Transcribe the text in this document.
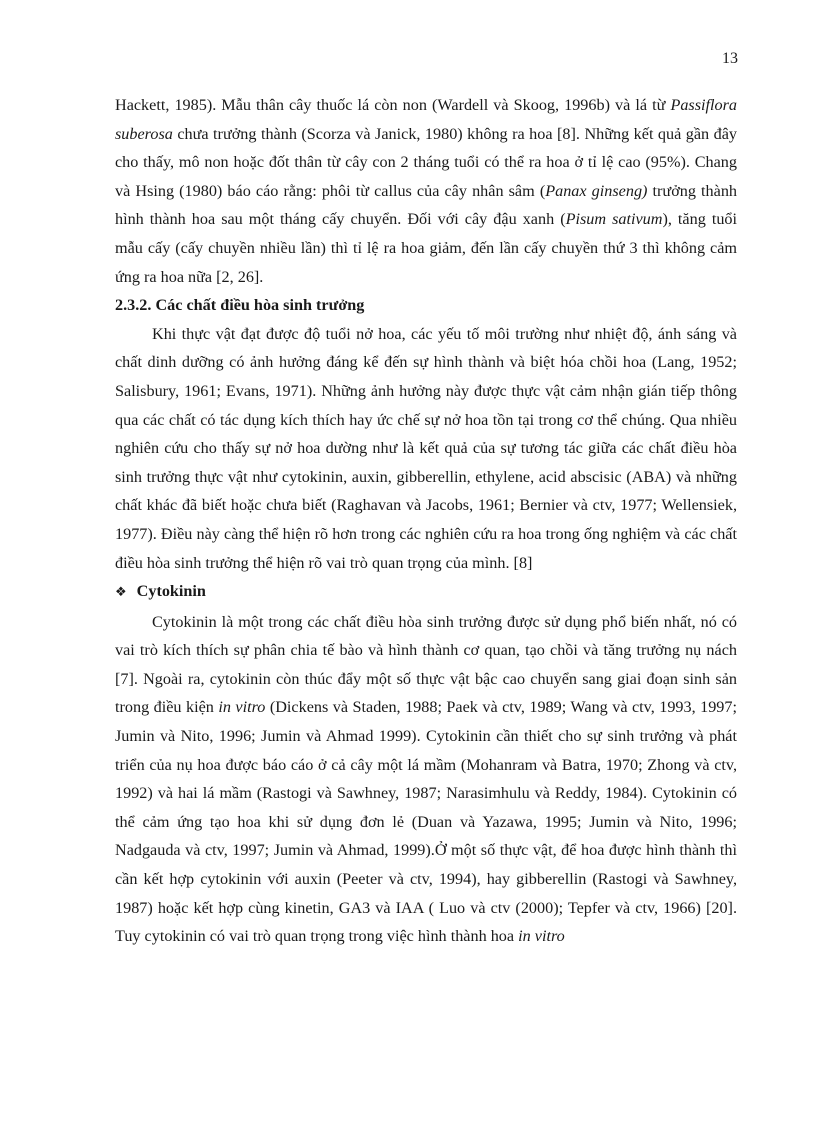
13

Hackett, 1985). Mẫu thân cây thuốc lá còn non (Wardell và Skoog, 1996b) và lá từ Passiflora suberosa chưa trưởng thành (Scorza và Janick, 1980) không ra hoa [8]. Những kết quả gần đây cho thấy, mô non hoặc đốt thân từ cây con 2 tháng tuổi có thể ra hoa ở tỉ lệ cao (95%). Chang và Hsing (1980) báo cáo rằng: phôi từ callus của cây nhân sâm (Panax ginseng) trưởng thành hình thành hoa sau một tháng cấy chuyển. Đối với cây đậu xanh (Pisum sativum), tăng tuổi mẫu cấy (cấy chuyền nhiều lần) thì tỉ lệ ra hoa giảm, đến lần cấy chuyền thứ 3 thì không cảm ứng ra hoa nữa [2, 26].

2.3.2. Các chất điều hòa sinh trưởng

Khi thực vật đạt được độ tuổi nở hoa, các yếu tố môi trường như nhiệt độ, ánh sáng và chất dinh dưỡng có ảnh hưởng đáng kể đến sự hình thành và biệt hóa chồi hoa (Lang, 1952; Salisbury, 1961; Evans, 1971). Những ảnh hưởng này được thực vật cảm nhận gián tiếp thông qua các chất có tác dụng kích thích hay ức chế sự nở hoa tồn tại trong cơ thể chúng. Qua nhiều nghiên cứu cho thấy sự nở hoa dường như là kết quả của sự tương tác giữa các chất điều hòa sinh trưởng thực vật như cytokinin, auxin, gibberellin, ethylene, acid abscisic (ABA) và những chất khác đã biết hoặc chưa biết (Raghavan và Jacobs, 1961; Bernier và ctv, 1977; Wellensiek, 1977). Điều này càng thể hiện rõ hơn trong các nghiên cứu ra hoa trong ống nghiệm và các chất điều hòa sinh trưởng thể hiện rõ vai trò quan trọng của mình. [8]

❖ Cytokinin

Cytokinin là một trong các chất điều hòa sinh trưởng được sử dụng phổ biến nhất, nó có vai trò kích thích sự phân chia tế bào và hình thành cơ quan, tạo chồi và tăng trưởng nụ nách [7]. Ngoài ra, cytokinin còn thúc đẩy một số thực vật bậc cao chuyển sang giai đoạn sinh sản trong điều kiện in vitro (Dickens và Staden, 1988; Paek và ctv, 1989; Wang và ctv, 1993, 1997; Jumin và Nito, 1996; Jumin và Ahmad 1999). Cytokinin cần thiết cho sự sinh trưởng và phát triển của nụ hoa được báo cáo ở cả cây một lá mầm (Mohanram và Batra, 1970; Zhong và ctv, 1992) và hai lá mầm (Rastogi và Sawhney, 1987; Narasimhulu và Reddy, 1984). Cytokinin có thể cảm ứng tạo hoa khi sử dụng đơn lẻ (Duan và Yazawa, 1995; Jumin và Nito, 1996; Nadgauda và ctv, 1997; Jumin và Ahmad, 1999).Ở một số thực vật, để hoa được hình thành thì cần kết hợp cytokinin với auxin (Peeter và ctv, 1994), hay gibberellin (Rastogi và Sawhney, 1987) hoặc kết hợp cùng kinetin, GA3 và IAA ( Luo và ctv (2000); Tepfer và ctv, 1966) [20]. Tuy cytokinin có vai trò quan trọng trong việc hình thành hoa in vitro
